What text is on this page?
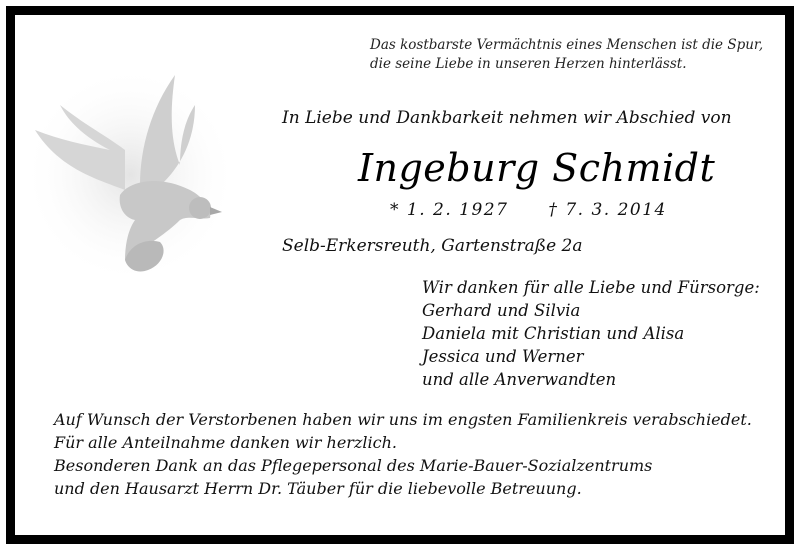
Das kostbarste Vermächtnis eines Menschen ist die Spur,
die seine Liebe in unseren Herzen hinterlässt.
In Liebe und Dankbarkeit nehmen wir Abschied von
Ingeburg Schmidt
* 1. 2. 1927 † 7. 3. 2014
Selb-Erkersreuth, Gartenstraße 2a
Wir danken für alle Liebe und Fürsorge:
Gerhard und Silvia
Daniela mit Christian und Alisa
Jessica und Werner
und alle Anverwandten
Auf Wunsch der Verstorbenen haben wir uns im engsten Familienkreis verabschiedet.
Für alle Anteilnahme danken wir herzlich.
Besonderen Dank an das Pflegepersonal des Marie-Bauer-Sozialzentrums
und den Hausarzt Herrn Dr. Täuber für die liebevolle Betreuung.
